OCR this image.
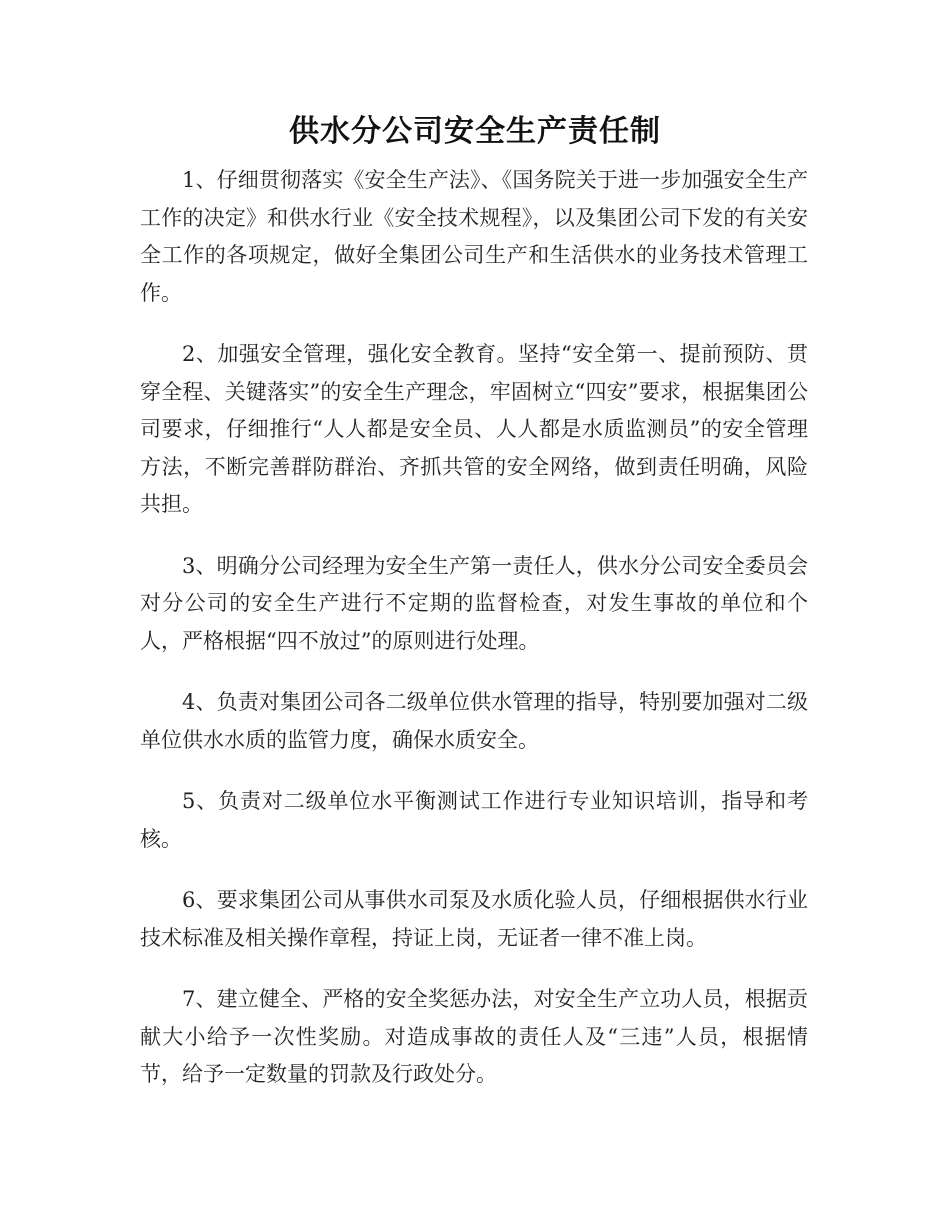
供水分公司安全生产责任制

1、仔细贯彻落实《安全生产法》、《国务院关于进一步加强安全生产工作的决定》和供水行业《安全技术规程》，以及集团公司下发的有关安全工作的各项规定，做好全集团公司生产和生活供水的业务技术管理工作。

2、加强安全管理，强化安全教育。坚持“安全第一、提前预防、贯穿全程、关键落实”的安全生产理念，牢固树立“四安”要求，根据集团公司要求，仔细推行“人人都是安全员、人人都是水质监测员”的安全管理方法，不断完善群防群治、齐抓共管的安全网络，做到责任明确，风险共担。

3、明确分公司经理为安全生产第一责任人，供水分公司安全委员会对分公司的安全生产进行不定期的监督检查，对发生事故的单位和个人，严格根据“四不放过”的原则进行处理。

4、负责对集团公司各二级单位供水管理的指导，特别要加强对二级单位供水水质的监管力度，确保水质安全。

5、负责对二级单位水平衡测试工作进行专业知识培训，指导和考核。

6、要求集团公司从事供水司泵及水质化验人员，仔细根据供水行业技术标准及相关操作章程，持证上岗，无证者一律不准上岗。

7、建立健全、严格的安全奖惩办法，对安全生产立功人员，根据贡献大小给予一次性奖励。对造成事故的责任人及“三违”人员，根据情节，给予一定数量的罚款及行政处分。
